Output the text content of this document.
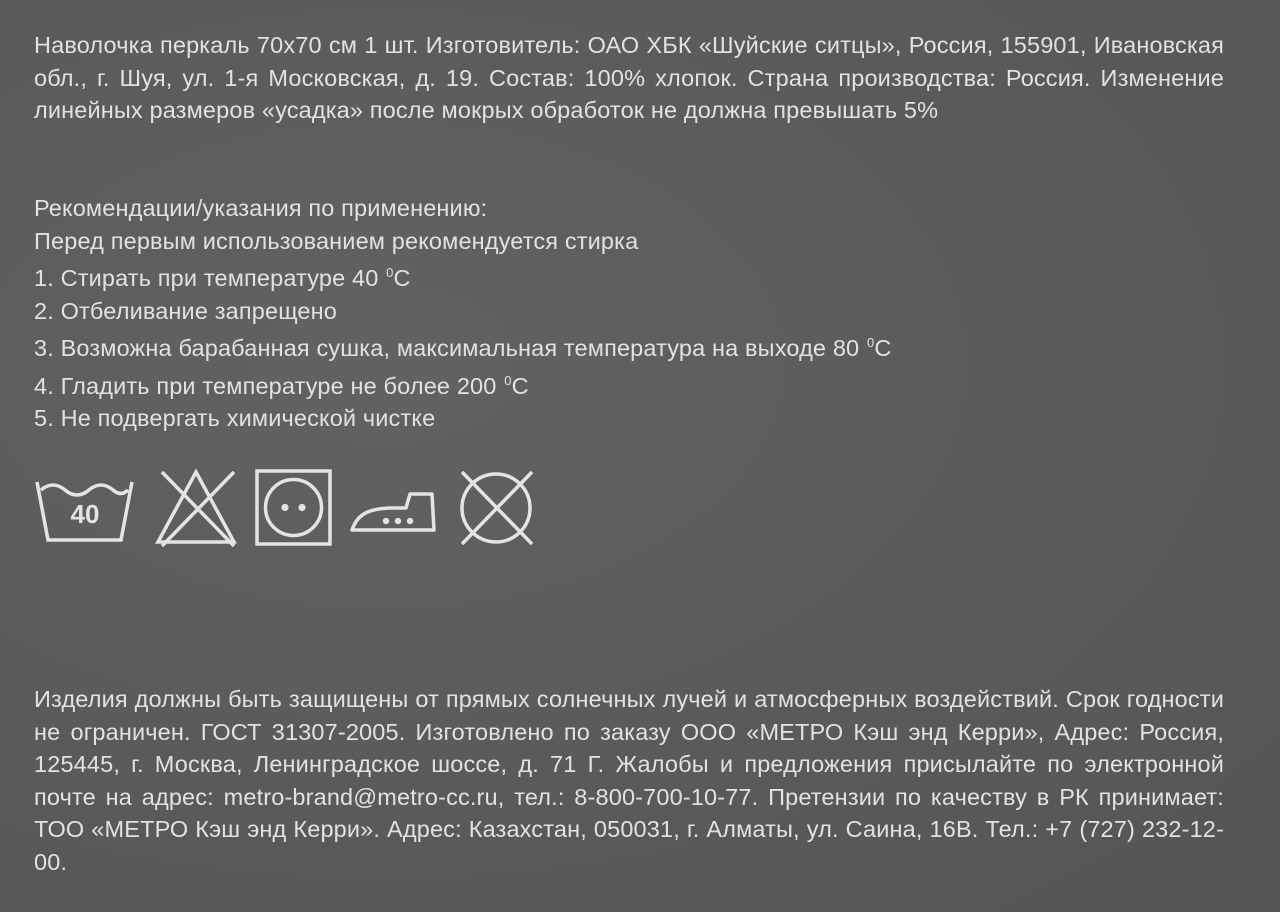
Наволочка перкаль 70х70 см 1 шт. Изготовитель: ОАО ХБК «Шуйские ситцы», Россия, 155901, Ивановская обл., г. Шуя, ул. 1-я Московская, д. 19. Состав: 100% хлопок. Страна производства: Россия. Изменение линейных размеров «усадка» после мокрых обработок не должна превышать 5%

Рекомендации/указания по применению:
Перед первым использованием рекомендуется стирка
1. Стирать при температуре 40 $^0$С
2. Отбеливание запрещено
3. Возможна барабанная сушка, максимальная температура на выходе 80 $^0$С
4. Гладить при температуре не более 200 $^0$С
5. Не подвергать химической чистке
40

Изделия должны быть защищены от прямых солнечных лучей и атмосферных воздействий. Срок годности не ограничен. ГОСТ 31307-2005. Изготовлено по заказу ООО «МЕТРО Кэш энд Керри», Адрес: Россия, 125445, г. Москва, Ленинградское шоссе, д. 71 Г. Жалобы и предложения присылайте по электронной почте на адрес: metro-brand@metro-cc.ru, тел.: 8-800-700-10-77. Претензии по качеству в РК принимает: ТОО «МЕТРО Кэш энд Керри». Адрес: Казахстан, 050031, г. Алматы, ул. Саина, 16В. Тел.: +7 (727) 232-12-00.
